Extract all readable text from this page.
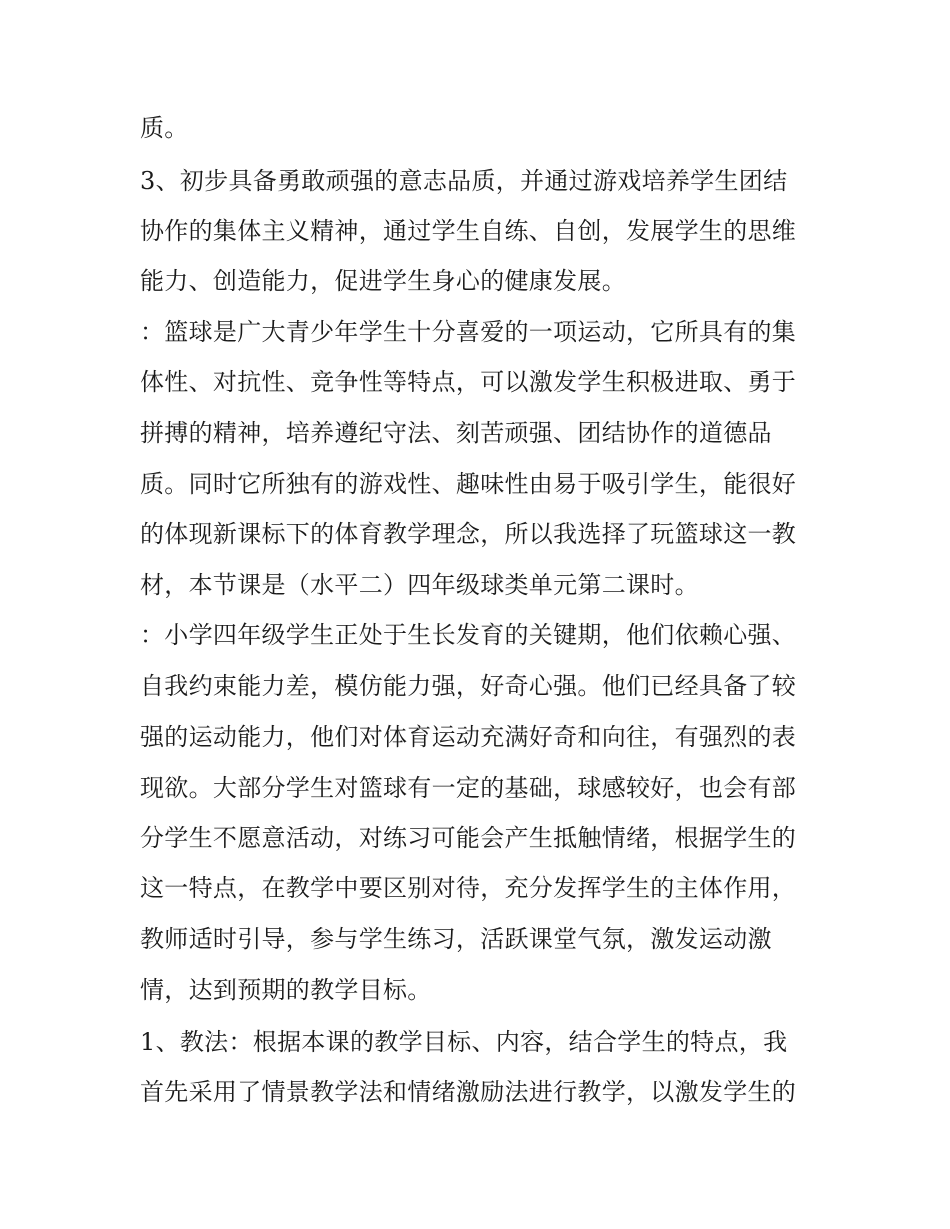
质。
3、初步具备勇敢顽强的意志品质，并通过游戏培养学生团结
协作的集体主义精神，通过学生自练、自创，发展学生的思维
能力、创造能力，促进学生身心的健康发展。
：篮球是广大青少年学生十分喜爱的一项运动，它所具有的集
体性、对抗性、竞争性等特点，可以激发学生积极进取、勇于
拼搏的精神，培养遵纪守法、刻苦顽强、团结协作的道德品
质。同时它所独有的游戏性、趣味性由易于吸引学生，能很好
的体现新课标下的体育教学理念，所以我选择了玩篮球这一教
材，本节课是（水平二）四年级球类单元第二课时。
：小学四年级学生正处于生长发育的关键期，他们依赖心强、
自我约束能力差，模仿能力强，好奇心强。他们已经具备了较
强的运动能力，他们对体育运动充满好奇和向往，有强烈的表
现欲。大部分学生对篮球有一定的基础，球感较好，也会有部
分学生不愿意活动，对练习可能会产生抵触情绪，根据学生的
这一特点，在教学中要区别对待，充分发挥学生的主体作用，
教师适时引导，参与学生练习，活跃课堂气氛，激发运动激
情，达到预期的教学目标。
1、教法：根据本课的教学目标、内容，结合学生的特点，我
首先采用了情景教学法和情绪激励法进行教学，以激发学生的
